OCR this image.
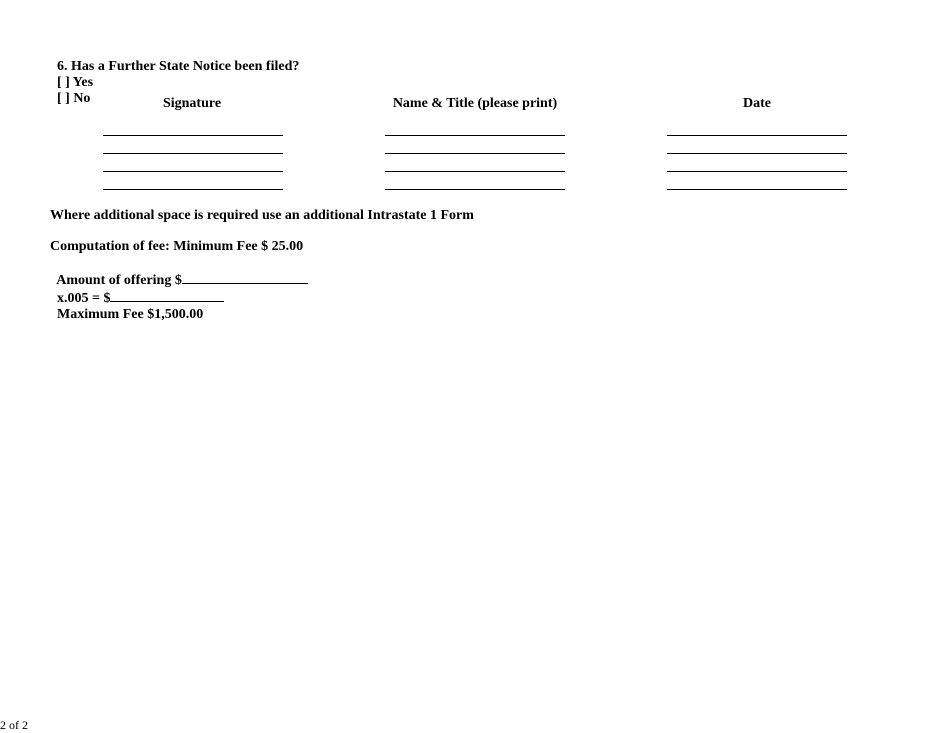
6. Has a Further State Notice been filed?
[ ] Yes
[ ] No	Signature	Name & Title (please print)	Date
Where additional space is required use an additional Intrastate 1 Form
Computation of fee: Minimum Fee $ 25.00

Amount of offering $
x.005 = $
Maximum Fee $1,500.00

2 of 2
